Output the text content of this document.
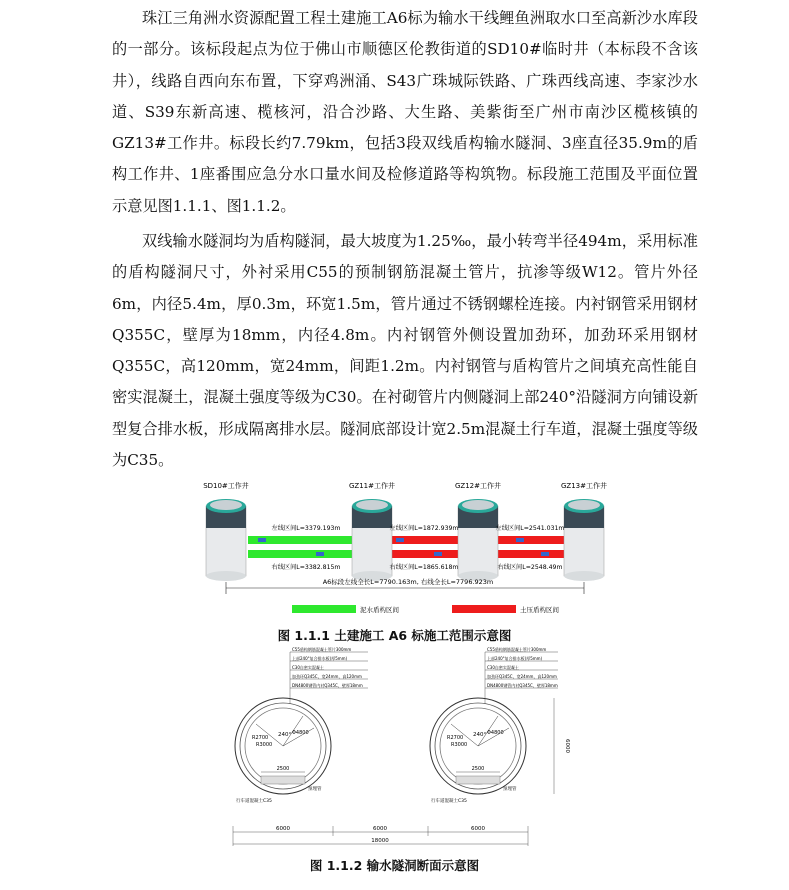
珠江三角洲水资源配置工程土建施工A6标为输水干线鲤鱼洲取水口至高新沙水库段的一部分。该标段起点为位于佛山市顺德区伦教街道的SD10#临时井（本标段不含该井），线路自西向东布置，下穿鸡洲涌、S43广珠城际铁路、广珠西线高速、李家沙水道、S39东新高速、榄核河，沿合沙路、大生路、美紫街至广州市南沙区榄核镇的GZ13#工作井。标段长约7.79km，包括3段双线盾构输水隧洞、3座直径35.9m的盾构工作井、1座番围应急分水口量水间及检修道路等构筑物。标段施工范围及平面位置示意见图1.1.1、图1.1.2。

双线输水隧洞均为盾构隧洞，最大坡度为1.25‰，最小转弯半径494m，采用标准的盾构隧洞尺寸，外衬采用C55的预制钢筋混凝土管片，抗渗等级W12。管片外径6m，内径5.4m，厚0.3m，环宽1.5m，管片通过不锈钢螺栓连接。内衬钢管采用钢材Q355C，壁厚为18mm，内径4.8m。内衬钢管外侧设置加劲环，加劲环采用钢材Q355C，高120mm，宽24mm，间距1.2m。内衬钢管与盾构管片之间填充高性能自密实混凝土，混凝土强度等级为C30。在衬砌管片内侧隧洞上部240°沿隧洞方向铺设新型复合排水板，形成隔离排水层。隧洞底部设计宽2.5m混凝土行车道，混凝土强度等级为C35。

SD10#工作井	GZ11#工作井	GZ12#工作井	GZ13#工作井
左线区间L=3379.193m	左线区间L=1872.939m	左线区间L=2541.031m
右线区间L=3382.815m	右线区间L=1865.618m	右线区间L=2548.49m
A6标段左线全长L=7790.163m, 右线全长L=7796.923m
泥水盾构区间	土压盾构区间
图 1.1.1 土建施工 A6 标施工范围示意图
240°
R2700
R3000
Φ4800
2500
行车道混凝土C35
预埋管
C55盾构钢筋混凝土管片300mm
上部240°复合排水板(厚5mm)
C30自密实混凝土
加劲环Q345C，宽24mm，高120mm
DN4800钢管内衬Q345C，壁厚18mm
240°
R2700
R3000
Φ4800
2500
行车道混凝土C35
预埋管
C55盾构钢筋混凝土管片300mm
上部240°复合排水板(厚5mm)
C30自密实混凝土
加劲环Q345C，宽24mm，高120mm
DN4800钢管内衬Q345C，壁厚18mm
6000
6000	6000	6000
18000
图 1.1.2 输水隧洞断面示意图
